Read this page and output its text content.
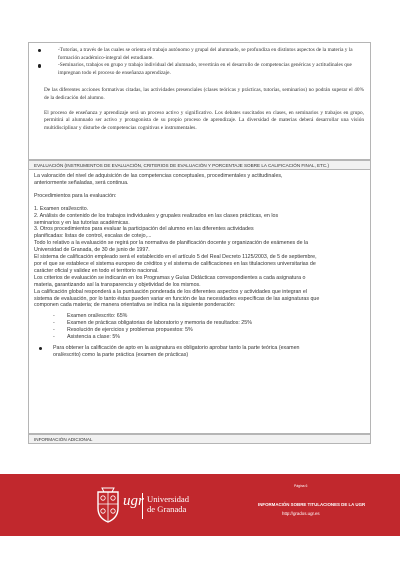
-Tutorías, a través de las cuales se orienta el trabajo autónomo y grupal del alumnado, se profundiza en distintos aspectos de la materia y la formación académico-integral del estudiante.
-Seminarios, trabajos en grupo y trabajo individual del alumnado, revertirán en el desarrollo de competencias genéricas y actitudinales que impregnan todo el proceso de enseñanza aprendizaje.

De las diferentes acciones formativas citadas, las actividades presenciales (clases teóricas y prácticas, tutorías, seminarios) no podrán superar el 40% de la dedicación del alumno.

El proceso de enseñanza y aprendizaje será un proceso activo y significativo. Los debates suscitados en clases, en seminarios y trabajos en grupo, permitirá al alumnado ser activo y protagonista de su propio proceso de aprendizaje. La diversidad de materias deberá desarrollar una visión multidisciplinar y disturbe de competencias cognitivas e instrumentales.

EVALUACIÓN (INSTRUMENTOS DE EVALUACIÓN, CRITERIOS DE EVALUACIÓN Y PORCENTAJE SOBRE LA CALIFICACIÓN FINAL, ETC.)
La valoración del nivel de adquisición de las competencias conceptuales, procedimentales y actitudinales,
anteriormente señaladas, será continua.
Procedimientos para la evaluación:
1. Examen oral/escrito.
2. Análisis de contenido de los trabajos individuales y grupales realizados en las clases prácticas, en los
seminarios y en las tutorías académicas.
3. Otros procedimientos para evaluar la participación del alumno en las diferentes actividades
planificadas: listas de control, escalas de cotejo,...
Todo lo relativo a la evaluación se regirá por la normativa de planificación docente y organización de exámenes de la
Universidad de Granada, de 30 de junio de 1997.
El sistema de calificación empleado será el establecido en el artículo 5 del Real Decreto 1125/2003, de 5 de septiembre,
por el que se establece el sistema europeo de créditos y el sistema de calificaciones en las titulaciones universitarias de
carácter oficial y validez en todo el territorio nacional.
Los criterios de evaluación se indicarán en los Programas y Guías Didácticas correspondientes a cada asignatura o
materia, garantizando así la transparencia y objetividad de los mismos.
La calificación global responderá a la puntuación ponderada de los diferentes aspectos y actividades que integran el
sistema de evaluación, por lo tanto éstas pueden variar en función de las necesidades específicas de las asignaturas que
componen cada materia; de manera orientativa se indica na la siguiente ponderación:
- Examen oral/escrito: 65%
- Examen de prácticas obligatorias de laboratorio y memoria de resultados: 25%
- Resolución de ejercicios y problemas propuestos: 5%
- Asistencia a clase: 5%
Para obtener la calificación de apto en la asignatura es obligatorio aprobar tanto la parte teórica (examen
oral/escrito) como la parte práctica (examen de prácticas)
INFORMACIÓN ADICIONAL
ugr Universidad
de Granada
Página 6
INFORMACIÓN SOBRE TITULACIONES DE LA UGR
http://grados.ugr.es
